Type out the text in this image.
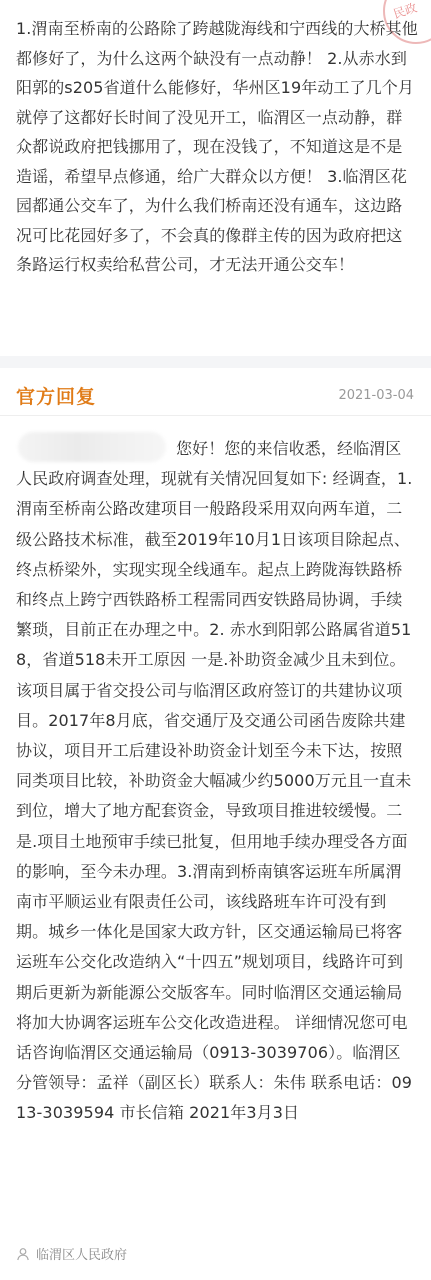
民政

1.渭南至桥南的公路除了跨越陇海线和宁西线的大桥其他都修好了，为什么这两个缺没有一点动静！ 2.从赤水到阳郭的s205省道什么能修好，华州区19年动工了几个月就停了这都好长时间了没见开工，临渭区一点动静，群众都说政府把钱挪用了，现在没钱了，不知道这是不是造谣，希望早点修通，给广大群众以方便！ 3.临渭区花园都通公交车了，为什么我们桥南还没有通车，这边路况可比花园好多了，不会真的像群主传的因为政府把这条路运行权卖给私营公司，才无法开通公交车！

官方回复	2021-03-04

您好！您的来信收悉，经临渭区人民政府调查处理，现就有关情况回复如下: 经调查，1.渭南至桥南公路改建项目一般路段采用双向两车道，二级公路技术标准，截至2019年10月1日该项目除起点、终点桥梁外，实现实现全线通车。起点上跨陇海铁路桥和终点上跨宁西铁路桥工程需同西安铁路局协调，手续繁琐，目前正在办理之中。2. 赤水到阳郭公路属省道518，省道518未开工原因 一是.补助资金减少且未到位。该项目属于省交投公司与临渭区政府签订的共建协议项目。2017年8月底，省交通厅及交通公司函告废除共建协议，项目开工后建设补助资金计划至今未下达，按照同类项目比较，补助资金大幅减少约5000万元且一直未到位，增大了地方配套资金，导致项目推进较缓慢。二是.项目土地预审手续已批复，但用地手续办理受各方面的影响，至今未办理。3.渭南到桥南镇客运班车所属渭南市平顺运业有限责任公司，该线路班车许可没有到期。城乡一体化是国家大政方针，区交通运输局已将客运班车公交化改造纳入“十四五”规划项目，线路许可到期后更新为新能源公交版客车。同时临渭区交通运输局将加大协调客运班车公交化改造进程。 详细情况您可电话咨询临渭区交通运输局（0913-3039706）。临渭区分管领导：孟祥（副区长）联系人：朱伟 联系电话：0913-3039594 市长信箱 2021年3月3日

临渭区人民政府
